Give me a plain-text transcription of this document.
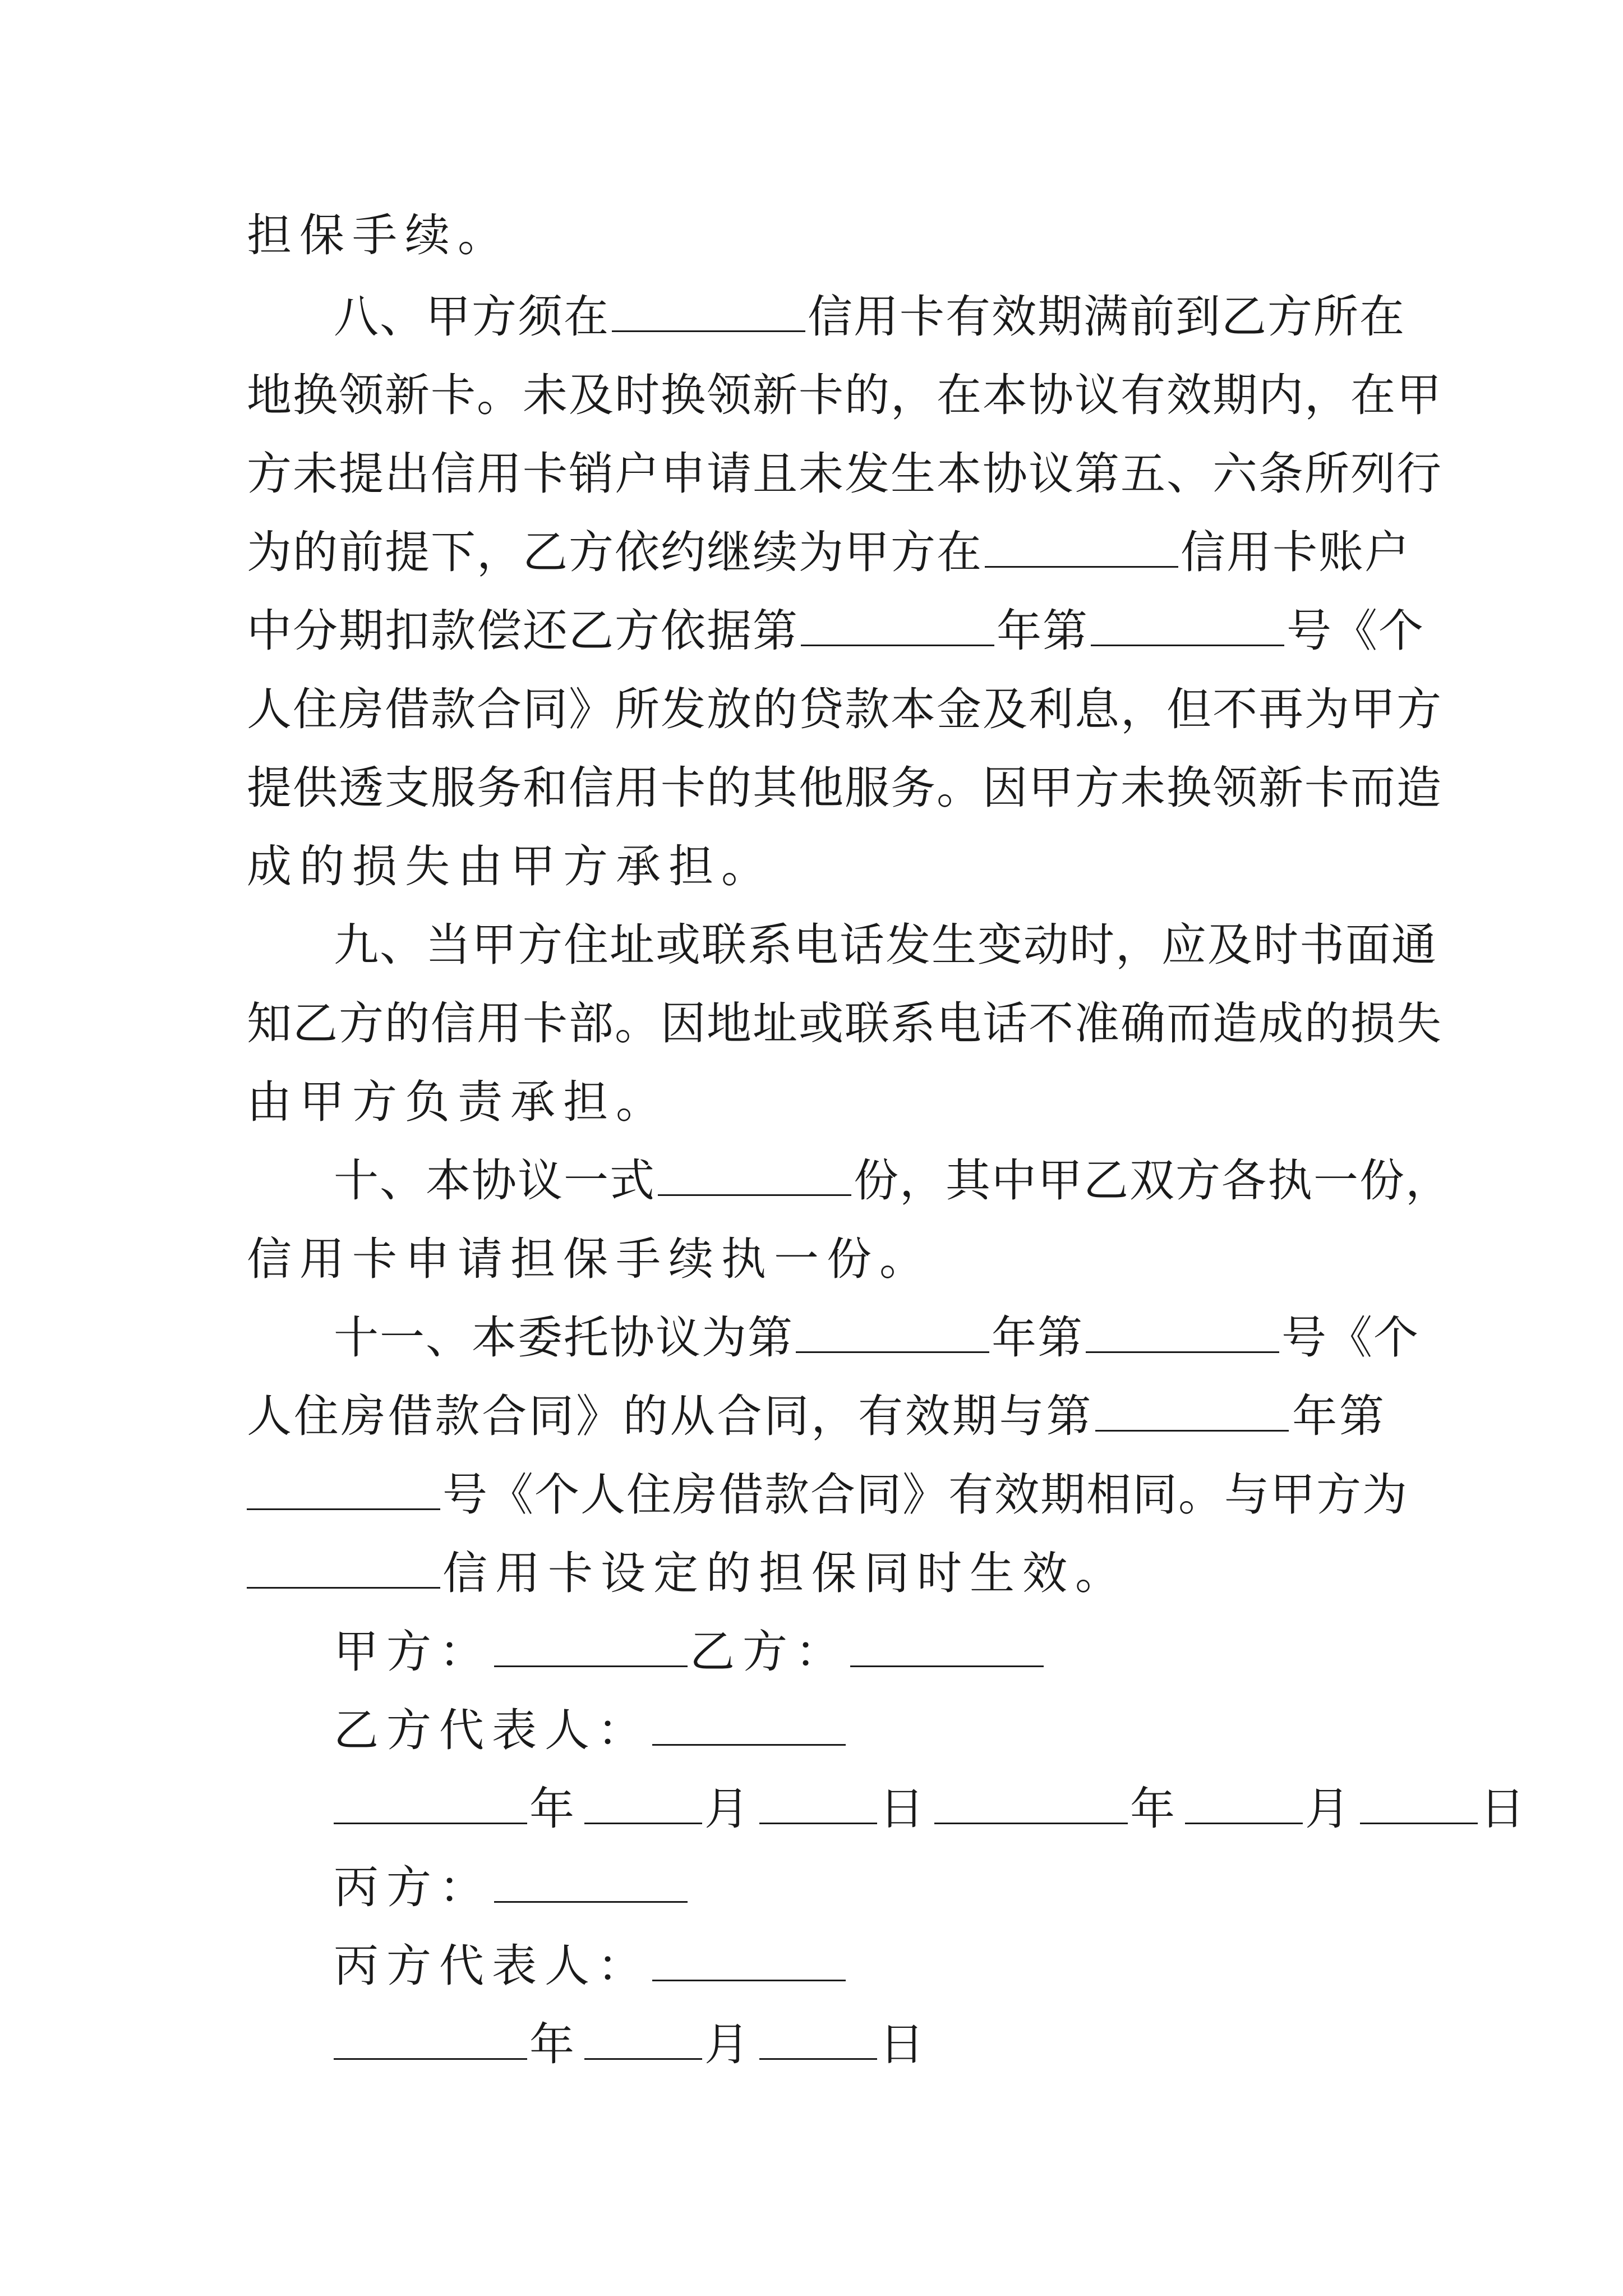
担保手续。
八、甲方须在	信用卡有效期满前到乙方所在
地换领新卡。未及时换领新卡的，在本协议有效期内，在甲
方未提出信用卡销户申请且未发生本协议第五、六条所列行
为的前提下，乙方依约继续为甲方在	信用卡账户
中分期扣款偿还乙方依据第	年第	号《个
人住房借款合同》所发放的贷款本金及利息，但不再为甲方
提供透支服务和信用卡的其他服务。因甲方未换领新卡而造
成的损失由甲方承担。
九、当甲方住址或联系电话发生变动时，应及时书面通
知乙方的信用卡部。因地址或联系电话不准确而造成的损失
由甲方负责承担。
十、本协议一式	份，其中甲乙双方各执一份，
信用卡申请担保手续执一份。
十一、本委托协议为第	年第	号《个
人住房借款合同》的从合同，有效期与第	年第
号《个人住房借款合同》有效期相同。与甲方为
信用卡设定的担保同时生效。
甲方：	乙方：
乙方代表人：
年	月	日	年	月	日
丙方：
丙方代表人：
年	月	日
